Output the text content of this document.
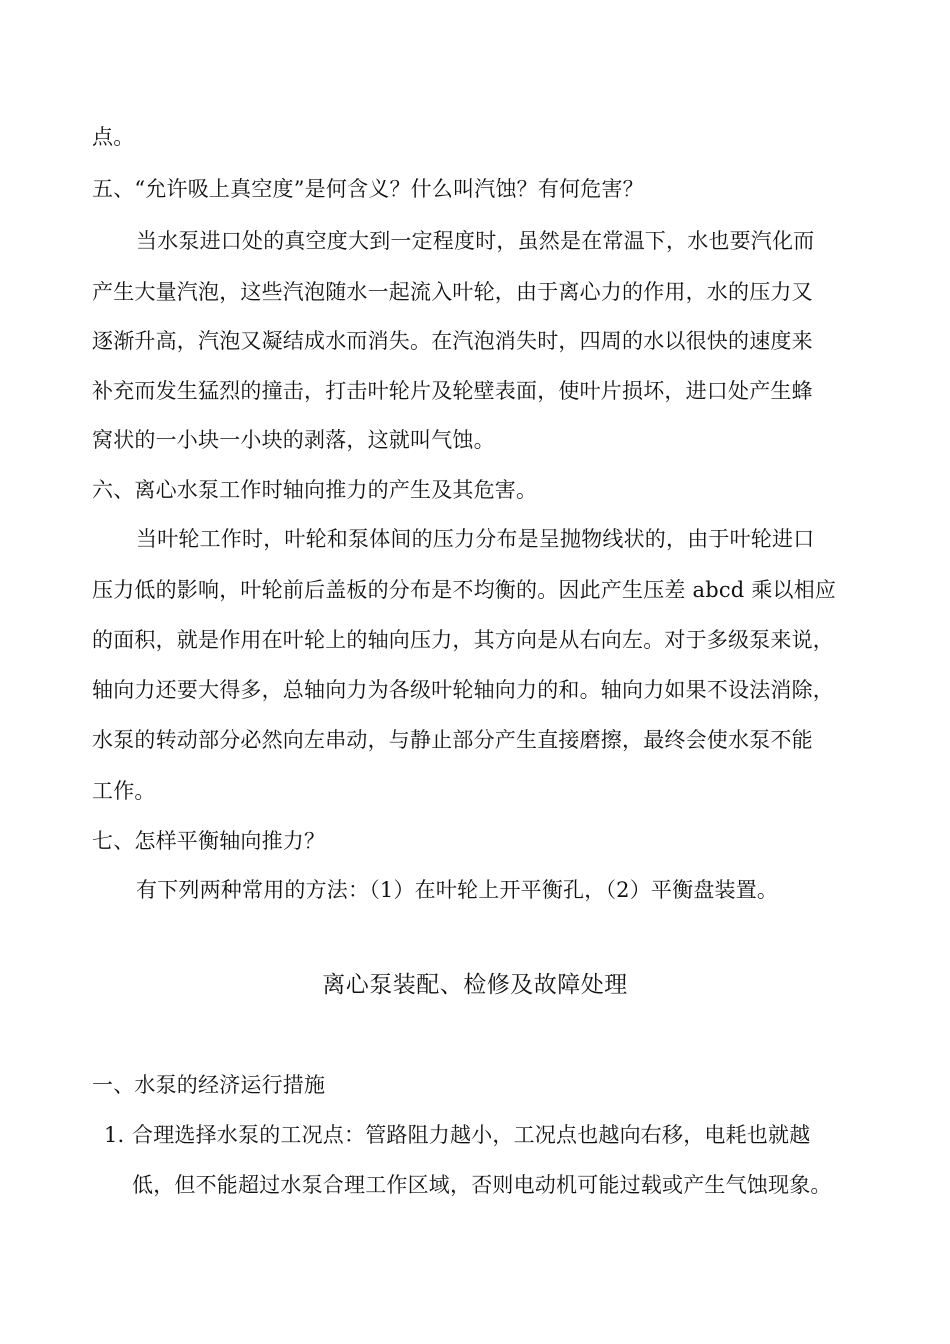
点。
五、“允许吸上真空度”是何含义？什么叫汽蚀？有何危害？
当水泵进口处的真空度大到一定程度时，虽然是在常温下，水也要汽化而
产生大量汽泡，这些汽泡随水一起流入叶轮，由于离心力的作用，水的压力又
逐渐升高，汽泡又凝结成水而消失。在汽泡消失时，四周的水以很快的速度来
补充而发生猛烈的撞击，打击叶轮片及轮壁表面，使叶片损坏，进口处产生蜂
窝状的一小块一小块的剥落，这就叫气蚀。
六、离心水泵工作时轴向推力的产生及其危害。
当叶轮工作时，叶轮和泵体间的压力分布是呈抛物线状的，由于叶轮进口
压力低的影响，叶轮前后盖板的分布是不均衡的。因此产生压差 abcd 乘以相应
的面积，就是作用在叶轮上的轴向压力，其方向是从右向左。对于多级泵来说，
轴向力还要大得多，总轴向力为各级叶轮轴向力的和。轴向力如果不设法消除，
水泵的转动部分必然向左串动，与静止部分产生直接磨擦，最终会使水泵不能
工作。
七、怎样平衡轴向推力？
有下列两种常用的方法：（1）在叶轮上开平衡孔，（2）平衡盘装置。
离心泵装配、检修及故障处理
一、水泵的经济运行措施
1. 合理选择水泵的工况点：管路阻力越小，工况点也越向右移，电耗也就越
低，但不能超过水泵合理工作区域，否则电动机可能过载或产生气蚀现象。
